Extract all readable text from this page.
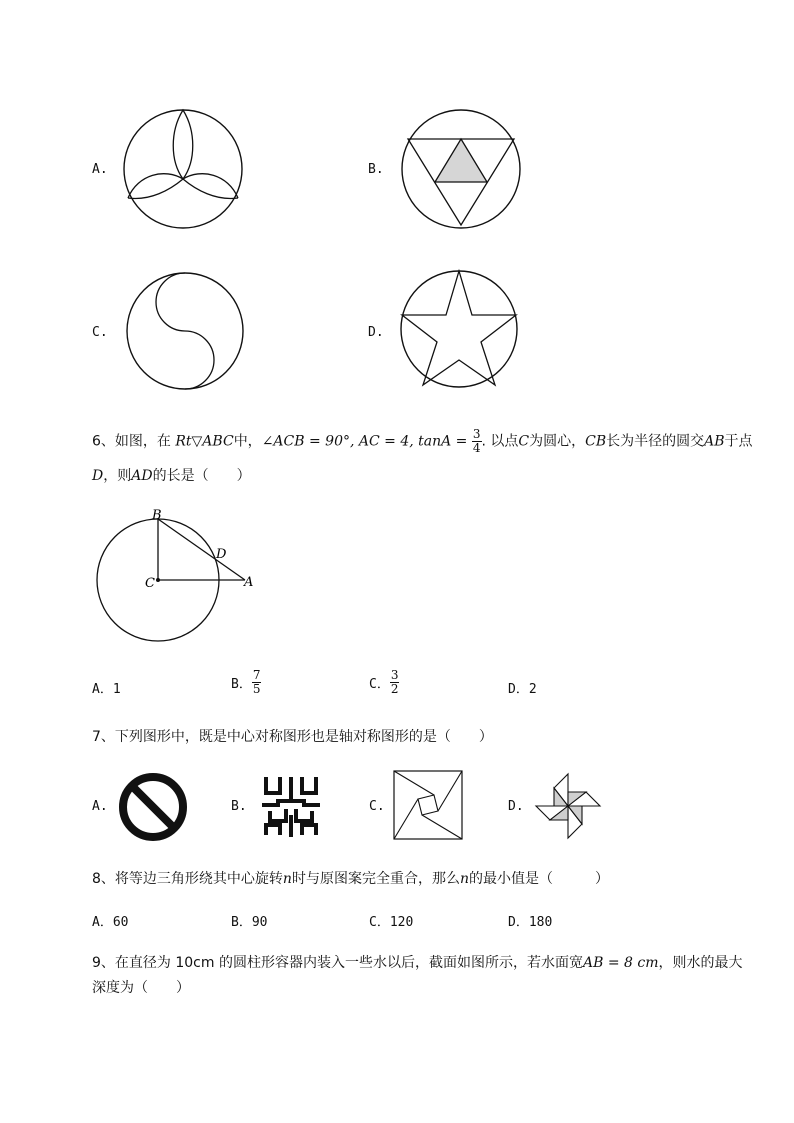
A.	B.
C.	D.
6、如图，在 Rt▽ABC中，∠ACB = 90°, AC = 4, $\tan A = \frac{3}{4}$ . 以点C为圆心，CB长为半径的圆交AB于点
D，则AD的长是（　　）
B
C	A
D
A．1	B． $\frac{7}{5}$	C． $\frac{3}{2}$	D．2
7、下列图形中，既是中心对称图形也是轴对称图形的是（　　）
A.	B.	C.	D.
8、将等边三角形绕其中心旋转n时与原图案完全重合，那么n的最小值是（　　　）
A．60	B．90	C．120	D．180
9、在直径为 10cm 的圆柱形容器内装入一些水以后，截面如图所示，若水面宽AB = 8 cm，则水的最大
深度为（　　）
